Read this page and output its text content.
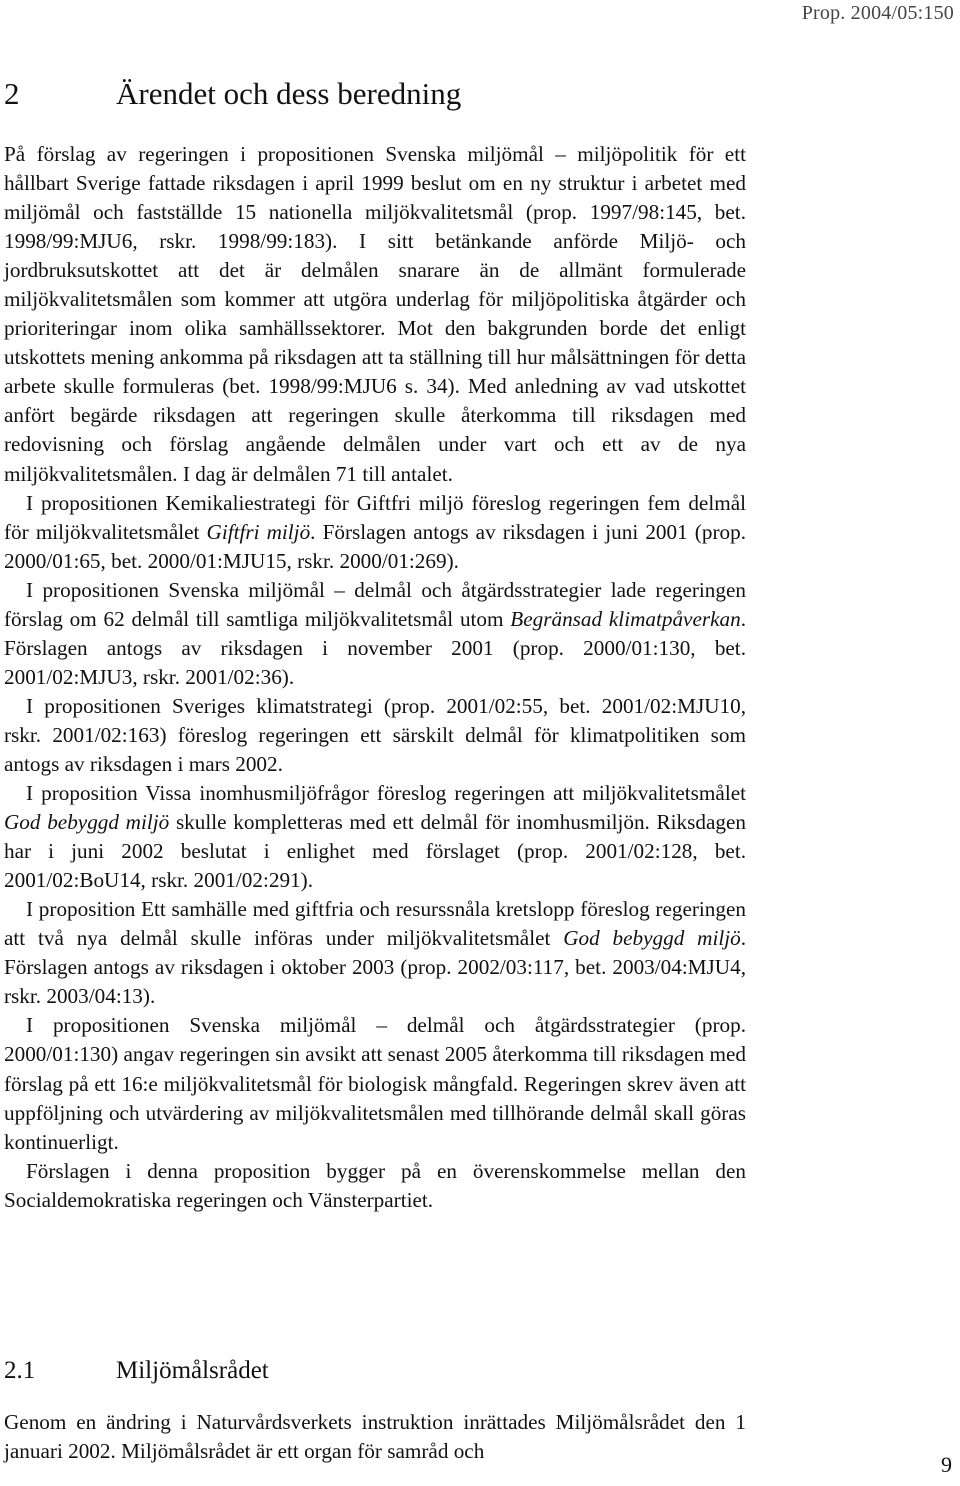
Prop. 2004/05:150
2	Ärendet och dess beredning

På förslag av regeringen i propositionen Svenska miljömål – miljöpolitik för ett hållbart Sverige fattade riksdagen i april 1999 beslut om en ny struktur i arbetet med miljömål och fastställde 15 nationella miljökvalitetsmål (prop. 1997/98:145, bet. 1998/99:MJU6, rskr. 1998/99:183). I sitt betänkande anförde Miljö- och jordbruksutskottet att det är delmålen snarare än de allmänt formulerade miljökvalitetsmålen som kommer att utgöra underlag för miljöpolitiska åtgärder och prioriteringar inom olika samhällssektorer. Mot den bakgrunden borde det enligt utskottets mening ankomma på riksdagen att ta ställning till hur målsättningen för detta arbete skulle formuleras (bet. 1998/99:MJU6 s. 34). Med anledning av vad utskottet anfört begärde riksdagen att regeringen skulle återkomma till riksdagen med redovisning och förslag angående delmålen under vart och ett av de nya miljökvalitetsmålen. I dag är delmålen 71 till antalet.

I propositionen Kemikaliestrategi för Giftfri miljö föreslog regeringen fem delmål för miljökvalitetsmålet Giftfri miljö. Förslagen antogs av riksdagen i juni 2001 (prop. 2000/01:65, bet. 2000/01:MJU15, rskr. 2000/01:269).

I propositionen Svenska miljömål – delmål och åtgärdsstrategier lade regeringen förslag om 62 delmål till samtliga miljökvalitetsmål utom Begränsad klimatpåverkan. Förslagen antogs av riksdagen i november 2001 (prop. 2000/01:130, bet. 2001/02:MJU3, rskr. 2001/02:36).

I propositionen Sveriges klimatstrategi (prop. 2001/02:55, bet. 2001/02:MJU10, rskr. 2001/02:163) föreslog regeringen ett särskilt delmål för klimatpolitiken som antogs av riksdagen i mars 2002.

I proposition Vissa inomhusmiljöfrågor föreslog regeringen att miljökvalitetsmålet God bebyggd miljö skulle kompletteras med ett delmål för inomhusmiljön. Riksdagen har i juni 2002 beslutat i enlighet med förslaget (prop. 2001/02:128, bet. 2001/02:BoU14, rskr. 2001/02:291).

I proposition Ett samhälle med giftfria och resurssnåla kretslopp föreslog regeringen att två nya delmål skulle införas under miljökvalitetsmålet God bebyggd miljö. Förslagen antogs av riksdagen i oktober 2003 (prop. 2002/03:117, bet. 2003/04:MJU4, rskr. 2003/04:13).

I propositionen Svenska miljömål – delmål och åtgärdsstrategier (prop. 2000/01:130) angav regeringen sin avsikt att senast 2005 återkomma till riksdagen med förslag på ett 16:e miljökvalitetsmål för biologisk mångfald. Regeringen skrev även att uppföljning och utvärdering av miljökvalitetsmålen med tillhörande delmål skall göras kontinuerligt.

Förslagen i denna proposition bygger på en överenskommelse mellan den Socialdemokratiska regeringen och Vänsterpartiet.

2.1	Miljömålsrådet

Genom en ändring i Naturvårdsverkets instruktion inrättades Miljömålsrådet den 1 januari 2002. Miljömålsrådet är ett organ för samråd och

9
